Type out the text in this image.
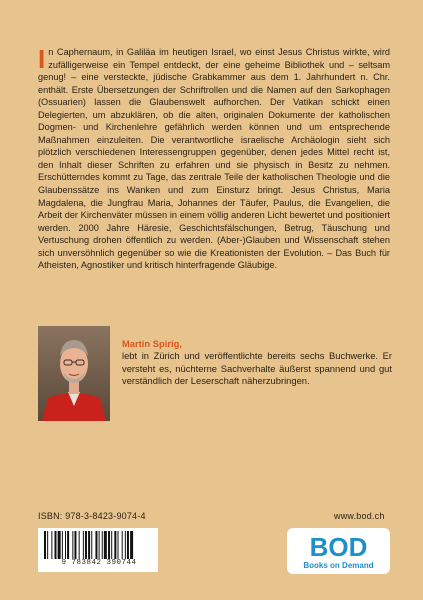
In Caphernaum, in Galiläa im heutigen Israel, wo einst Jesus Christus wirkte, wird zufälligerweise ein Tempel entdeckt, der eine geheime Bibliothek und – seltsam genug! – eine versteckte, jüdische Grabkammer aus dem 1. Jahrhundert n. Chr. enthält. Erste Übersetzungen der Schriftrollen und die Namen auf den Sarkophagen (Ossuarien) lassen die Glaubenswelt aufhorchen. Der Vatikan schickt einen Delegierten, um abzuklären, ob die alten, originalen Dokumente der katholischen Dogmen- und Kirchenlehre gefährlich werden können und um entsprechende Maßnahmen einzuleiten. Die verantwortliche israelische Archäologin sieht sich plötzlich verschiedenen Interessengruppen gegenüber, denen jedes Mittel recht ist, den Inhalt dieser Schriften zu erfahren und sie physisch in Besitz zu nehmen. Erschütterndes kommt zu Tage, das zentrale Teile der katholischen Theologie und die Glaubenssätze ins Wanken und zum Einsturz bringt. Jesus Christus, Maria Magdalena, die Jungfrau Maria, Johannes der Täufer, Paulus, die Evangelien, die Arbeit der Kirchenväter müssen in einem völlig anderen Licht bewertet und positioniert werden. 2000 Jahre Häresie, Geschichtsfälschungen, Betrug, Täuschung und Vertuschung drohen öffentlich zu werden. (Aber-)Glauben und Wissenschaft stehen sich unversöhnlich gegenüber so wie die Kreationisten der Evolution. – Das Buch für Atheisten, Agnostiker und kritisch hinterfragende Gläubige.
Martin Spirig,
lebt in Zürich und veröffentlichte bereits sechs Buchwerke. Er versteht es, nüchterne Sachverhalte äußerst spannend und gut verständlich der Leserschaft näherzubringen.
ISBN: 978-3-8423-9074-4	www.bod.ch
9 783842 390744
BOD
Books on Demand
